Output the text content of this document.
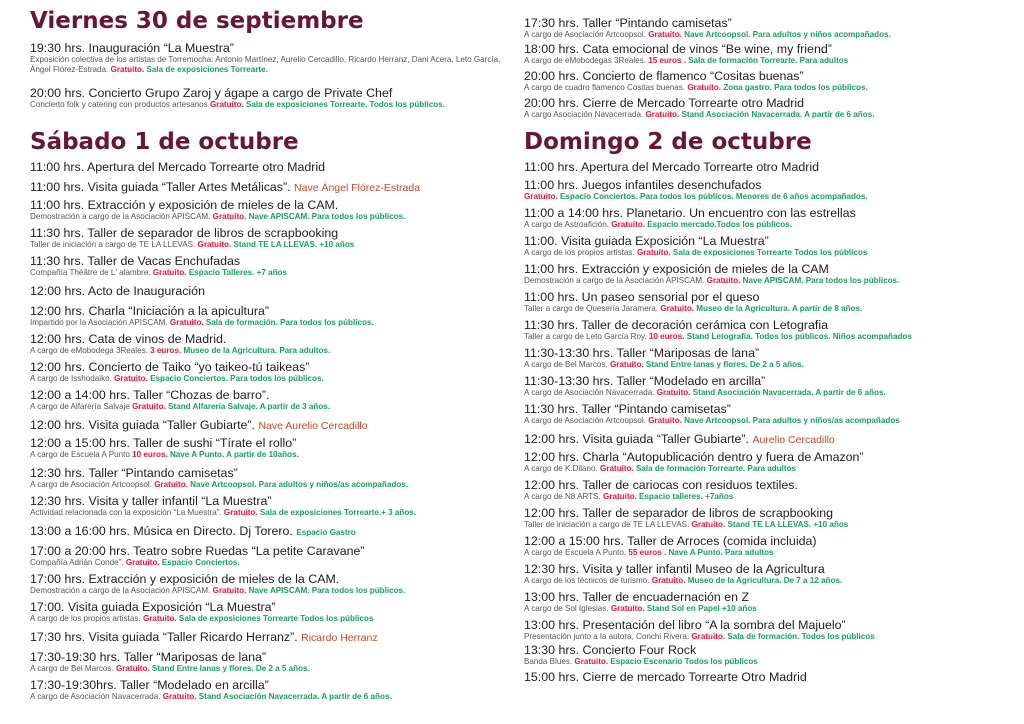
Viernes 30 de septiembre
19:30 hrs. Inauguración “La Muestra”
Exposición colectiva de los artistas de Torremocha: Antonio Martínez, Aurelio Cercadillo, Ricardo Herranz, Dani Acera, Leto García, Ángel Flórez-Estrada. Gratuito. Sala de exposiciones Torrearte.
20:00 hrs. Concierto Grupo Zaroj y ágape a cargo de Private Chef
Concierto folk y catering con productos artesanos Gratuito. Sala de exposiciones Torrearte. Todos los públicos.
Sábado 1 de octubre
11:00 hrs. Apertura del Mercado Torrearte otro Madrid
11:00 hrs. Visita guiada “Taller Artes Metálicas”. Nave Ángel Flórez-Estrada
11:00 hrs. Extracción y exposición de mieles de la CAM.
Demostración a cargo de la Asociación APISCAM. Gratuito. Nave APISCAM. Para todos los públicos.
11:30 hrs. Taller de separador de libros de scrapbooking
Taller de iniciación a cargo de TE LA LLEVAS. Gratuito. Stand TE LA LLEVAS. +10 años
11:30 hrs. Taller de Vacas Enchufadas
Compañía Théâtre de L' alambre. Gratuito. Espacio Talleres. +7 años
12:00 hrs. Acto de Inauguración
12:00 hrs. Charla “Iniciación a la apicultura”
Impartido por la Asociación APISCAM. Gratuito. Sala de formación. Para todos los públicos.
12:00 hrs. Cata de vinos de Madrid.
A cargo de eMobodega 3Reales. 3 euros. Museo de la Agricultura. Para adultos.
12:00 hrs. Concierto de Taiko “yo taikeo-tú taikeas”
A cargo de Isshodaiko. Gratuito. Espacio Conciertos. Para todos los públicos.
12:00 a 14:00 hrs. Taller “Chozas de barro”.
A cargo de Alfarería Salvaje Gratuito. Stand Alfarería Salvaje. A partir de 3 años.
12:00 hrs. Visita guiada “Taller Gubiarte”. Nave Aurelio Cercadillo
12:00 a 15:00 hrs. Taller de sushi “Tírate el rollo”
A cargo de Escuela A Punto 10 euros. Nave A Punto. A partir de 10años.
12:30 hrs. Taller “Pintando camisetas”
A cargo de Asociación Artcoopsol. Gratuito. Nave Artcoopsol. Para adultos y niños/as acompañados.
12:30 hrs. Visita y taller infantil “La Muestra”
Actividad relacionada con la exposición “La Muestra”. Gratuito. Sala de exposiciones Torrearte.+ 3 años.
13:00 a 16:00 hrs. Música en Directo. Dj Torero. Espacio Gastro
17:00 a 20:00 hrs. Teatro sobre Ruedas “La petite Caravane”
Compañía Adrián Conde”. Gratuito. Espacio Conciertos.
17:00 hrs. Extracción y exposición de mieles de la CAM.
Demostración a cargo de la Asociación APISCAM. Gratuito. Nave APISCAM. Para todos los públicos.
17:00. Visita guiada Exposición “La Muestra”
A cargo de los propios artistas. Gratuito. Sala de exposiciones Torrearte Todos los públicos
17:30 hrs. Visita guiada “Taller Ricardo Herranz”. Ricardo Herranz
17:30-19:30 hrs. Taller “Mariposas de lana”
A cargo de Bel Marcos. Gratuito. Stand Entre lanas y flores. De 2 a 5 años.
17:30-19:30hrs. Taller “Modelado en arcilla”
A cargo de Asociación Navacerrada. Gratuito. Stand Asociación Navacerrada. A partir de 6 años.
17:30 hrs. Taller “Pintando camisetas”
A cargo de Asociación Artcoopsol. Gratuito. Nave Artcoopsol. Para adultos y niños acompañados.
18:00 hrs. Cata emocional de vinos “Be wine, my friend”
A cargo de eMobodegas 3Reales. 15 euros . Sala de formación Torrearte. Para adultos
20:00 hrs. Concierto de flamenco “Cositas buenas”
A cargo de cuadro flamenco Cositas buenas. Gratuito. Zona gastro. Para todos los públicos.
20:00 hrs. Cierre de Mercado Torrearte otro Madrid
A cargo Asociación Navacerrada. Gratuito. Stand Asociación Navacerrada. A partir de 6 años.
Domingo 2 de octubre
11:00 hrs. Apertura del Mercado Torrearte otro Madrid
11:00 hrs. Juegos infantiles desenchufados
Gratuito. Espacio Conciertos. Para todos los públicos. Menores de 6 años acompañados.
11:00 a 14:00 hrs. Planetario. Un encuentro con las estrellas
A cargo de Astroafición. Gratuito. Espacio mercado.Todos los públicos.
11:00. Visita guiada Exposición “La Muestra”
A cargo de los propios artistas. Gratuito. Sala de exposiciones Torrearte Todos los públicos
11:00 hrs. Extracción y exposición de mieles de la CAM
Demostración a cargo de la Asociación APISCAM. Gratuito. Nave APISCAM. Para todos los públicos.
11:00 hrs. Un paseo sensorial por el queso
Taller a cargo de Quesería Jaramera. Gratuito. Museo de la Agricultura. A partir de 8 años.
11:30 hrs. Taller de decoración cerámica con Letografia
Taller a cargo de Leto García Roy. 10 euros. Stand Letografia. Todos los públicos. Niños acompañados
11:30-13:30 hrs. Taller “Mariposas de lana”
A cargo de Bel Marcos. Gratuito. Stand Entre lanas y flores. De 2 a 5 años.
11:30-13:30 hrs. Taller “Modelado en arcilla”
A cargo de Asociación Navacerrada. Gratuito. Stand Asociación Navacerrada. A partir de 6 años.
11:30 hrs. Taller “Pintando camisetas”
A cargo de Asociación Artcoopsol. Gratuito. Nave Artcoopsol. Para adultos y niños/as acompañados
12:00 hrs. Visita guiada “Taller Gubiarte”. Aurelio Cercadillo
12:00 hrs. Charla “Autopublicación dentro y fuera de Amazon”
A cargo de K.Dilano. Gratuito. Sala de formación Torrearte. Para adultos
12:00 hrs. Taller de cariocas con residuos textiles.
A cargo de N8 ARTS. Gratuito. Espacio talleres. +7años
12:00 hrs. Taller de separador de libros de scrapbooking
Taller de iniciación a cargo de TE LA LLEVAS. Gratuito. Stand TE LA LLEVAS. +10 años
12:00 a 15:00 hrs. Taller de Arroces (comida incluida)
A cargo de Escuela A Punto. 55 euros . Nave A Punto. Para adultos
12:30 hrs. Visita y taller infantil Museo de la Agricultura
A cargo de los técnicos de turismo. Gratuito. Museo de la Agricultura. De 7 a 12 años.
13:00 hrs. Taller de encuadernación en Z
A cargo de Sol Iglesias. Gratuito. Stand Sol en Papel +10 años
13:00 hrs. Presentación del libro “A la sombra del Majuelo”
Presentación junto a la autora, Conchi Rivera. Gratuito. Sala de formación. Todos los públicos
13:30 hrs. Concierto Four Rock
Banda Blues. Gratuito. Espacio Escenario Todos los públicos
15:00 hrs. Cierre de mercado Torrearte Otro Madrid
